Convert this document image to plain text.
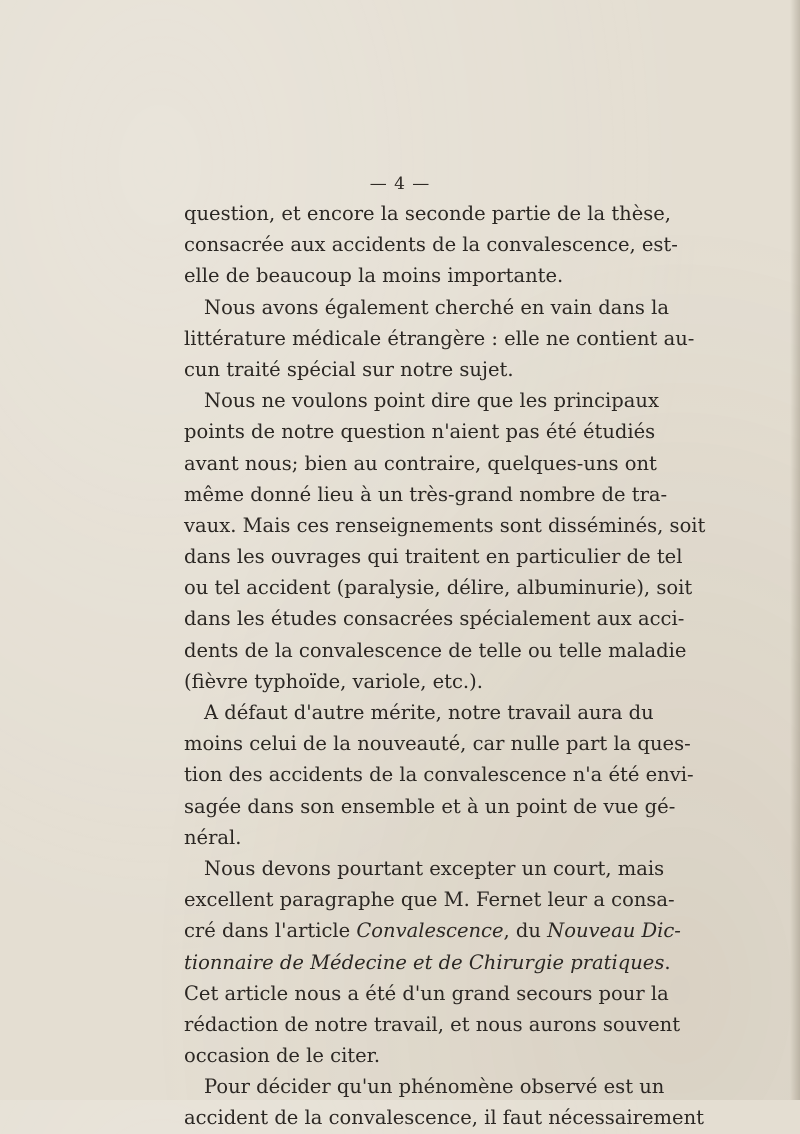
— 4 —
question, et encore la seconde partie de la thèse,
consacrée aux accidents de la convalescence, est-
elle de beaucoup la moins importante.
Nous avons également cherché en vain dans la
littérature médicale étrangère : elle ne contient au-
cun traité spécial sur notre sujet.
Nous ne voulons point dire que les principaux
points de notre question n'aient pas été étudiés
avant nous; bien au contraire, quelques-uns ont
même donné lieu à un très-grand nombre de tra-
vaux. Mais ces renseignements sont disséminés, soit
dans les ouvrages qui traitent en particulier de tel
ou tel accident (paralysie, délire, albuminurie), soit
dans les études consacrées spécialement aux acci-
dents de la convalescence de telle ou telle maladie
(fièvre typhoïde, variole, etc.).
A défaut d'autre mérite, notre travail aura du
moins celui de la nouveauté, car nulle part la ques-
tion des accidents de la convalescence n'a été envi-
sagée dans son ensemble et à un point de vue gé-
néral.
Nous devons pourtant excepter un court, mais
excellent paragraphe que M. Fernet leur a consa-
cré dans l'article Convalescence, du Nouveau Dic-
tionnaire de Médecine et de Chirurgie pratiques.
Cet article nous a été d'un grand secours pour la
rédaction de notre travail, et nous aurons souvent
occasion de le citer.
Pour décider qu'un phénomène observé est un
accident de la convalescence, il faut nécessairement
